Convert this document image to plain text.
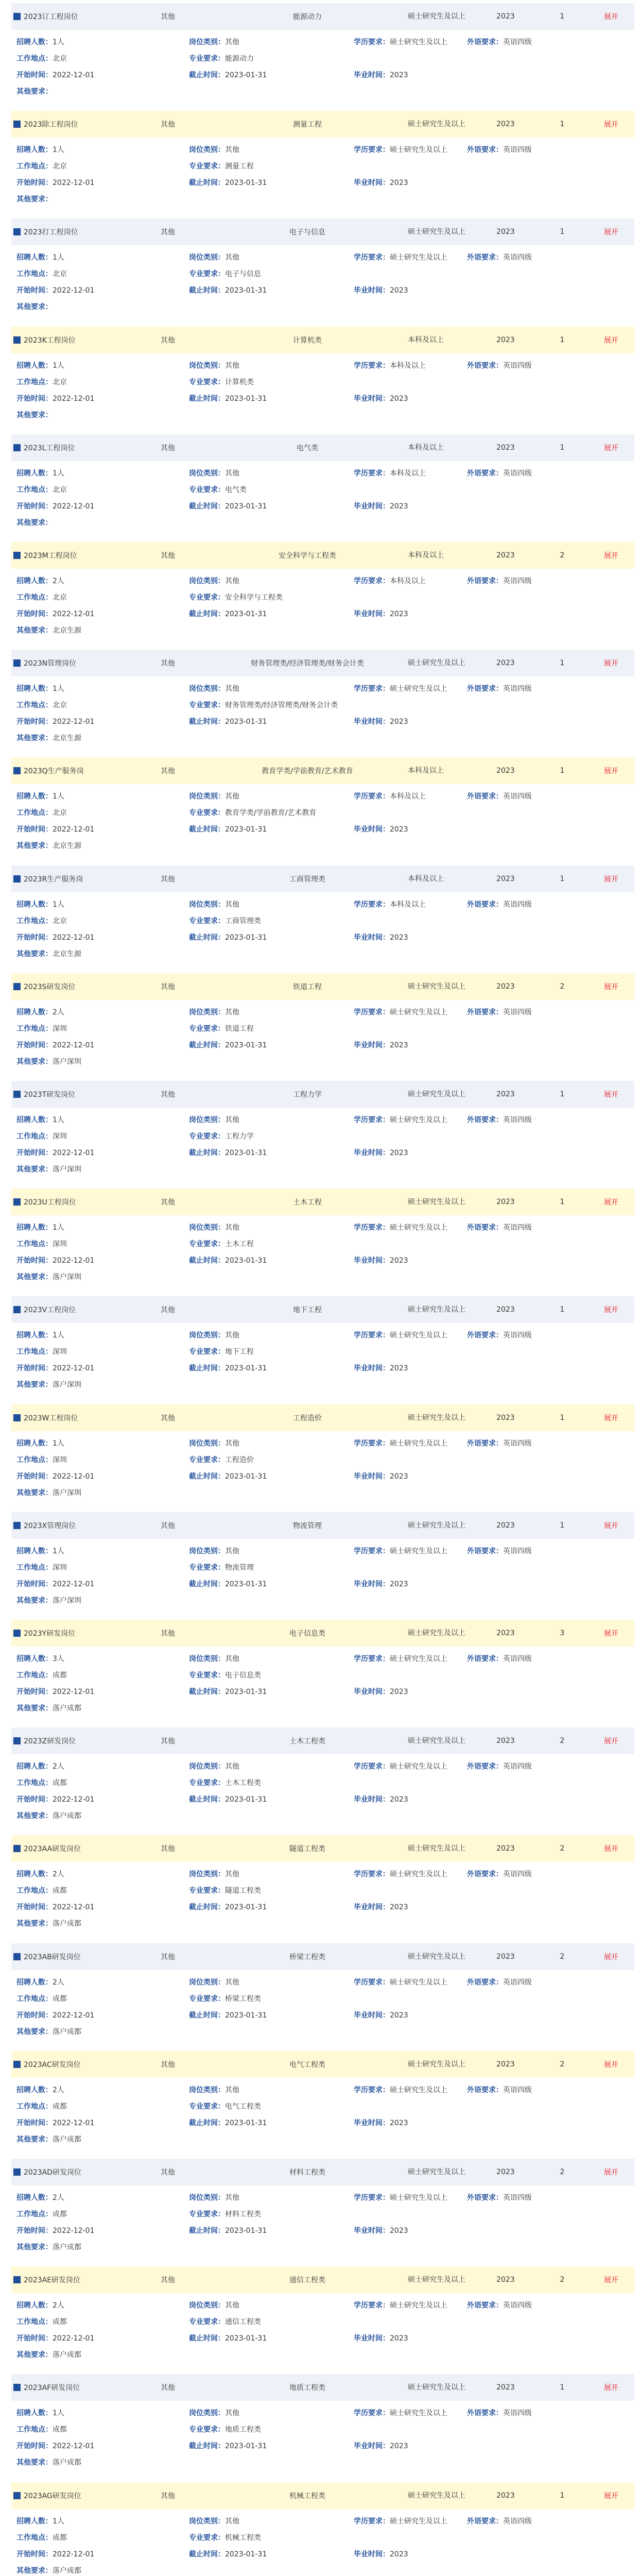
2023订工程岗位	其他	能源动力	硕士研究生及以上	2023	1	展开
招聘人数：1人	岗位类别：其他	学历要求：硕士研究生及以上	外语要求：英语四级
工作地点：北京	专业要求：能源动力
开始时间：2022-12-01	截止时间：2023-01-31	毕业时间：2023
其他要求：
2023除工程岗位	其他	测量工程	硕士研究生及以上	2023	1	展开
招聘人数：1人	岗位类别：其他	学历要求：硕士研究生及以上	外语要求：英语四级
工作地点：北京	专业要求：测量工程
开始时间：2022-12-01	截止时间：2023-01-31	毕业时间：2023
其他要求：
2023打工程岗位	其他	电子与信息	硕士研究生及以上	2023	1	展开
招聘人数：1人	岗位类别：其他	学历要求：硕士研究生及以上	外语要求：英语四级
工作地点：北京	专业要求：电子与信息
开始时间：2022-12-01	截止时间：2023-01-31	毕业时间：2023
其他要求：
2023K工程岗位	其他	计算机类	本科及以上	2023	1	展开
招聘人数：1人	岗位类别：其他	学历要求：本科及以上	外语要求：英语四级
工作地点：北京	专业要求：计算机类
开始时间：2022-12-01	截止时间：2023-01-31	毕业时间：2023
其他要求：
2023L工程岗位	其他	电气类	本科及以上	2023	1	展开
招聘人数：1人	岗位类别：其他	学历要求：本科及以上	外语要求：英语四级
工作地点：北京	专业要求：电气类
开始时间：2022-12-01	截止时间：2023-01-31	毕业时间：2023
其他要求：
2023M工程岗位	其他	安全科学与工程类	本科及以上	2023	2	展开
招聘人数：2人	岗位类别：其他	学历要求：本科及以上	外语要求：英语四级
工作地点：北京	专业要求：安全科学与工程类
开始时间：2022-12-01	截止时间：2023-01-31	毕业时间：2023
其他要求：北京生源
2023N管理岗位	其他	财务管理类/经济管理类/财务会计类	硕士研究生及以上	2023	1	展开
招聘人数：1人	岗位类别：其他	学历要求：硕士研究生及以上	外语要求：英语四级
工作地点：北京	专业要求：财务管理类/经济管理类/财务会计类
开始时间：2022-12-01	截止时间：2023-01-31	毕业时间：2023
其他要求：北京生源
2023Q生产服务岗	其他	教育学类/学前教育/艺术教育	本科及以上	2023	1	展开
招聘人数：1人	岗位类别：其他	学历要求：本科及以上	外语要求：英语四级
工作地点：北京	专业要求：教育学类/学前教育/艺术教育
开始时间：2022-12-01	截止时间：2023-01-31	毕业时间：2023
其他要求：北京生源
2023R生产服务岗	其他	工商管理类	本科及以上	2023	1	展开
招聘人数：1人	岗位类别：其他	学历要求：本科及以上	外语要求：英语四级
工作地点：北京	专业要求：工商管理类
开始时间：2022-12-01	截止时间：2023-01-31	毕业时间：2023
其他要求：北京生源
2023S研发岗位	其他	铁道工程	硕士研究生及以上	2023	2	展开
招聘人数：2人	岗位类别：其他	学历要求：硕士研究生及以上	外语要求：英语四级
工作地点：深圳	专业要求：铁道工程
开始时间：2022-12-01	截止时间：2023-01-31	毕业时间：2023
其他要求：落户深圳
2023T研发岗位	其他	工程力学	硕士研究生及以上	2023	1	展开
招聘人数：1人	岗位类别：其他	学历要求：硕士研究生及以上	外语要求：英语四级
工作地点：深圳	专业要求：工程力学
开始时间：2022-12-01	截止时间：2023-01-31	毕业时间：2023
其他要求：落户深圳
2023U工程岗位	其他	土木工程	硕士研究生及以上	2023	1	展开
招聘人数：1人	岗位类别：其他	学历要求：硕士研究生及以上	外语要求：英语四级
工作地点：深圳	专业要求：土木工程
开始时间：2022-12-01	截止时间：2023-01-31	毕业时间：2023
其他要求：落户深圳
2023V工程岗位	其他	地下工程	硕士研究生及以上	2023	1	展开
招聘人数：1人	岗位类别：其他	学历要求：硕士研究生及以上	外语要求：英语四级
工作地点：深圳	专业要求：地下工程
开始时间：2022-12-01	截止时间：2023-01-31	毕业时间：2023
其他要求：落户深圳
2023W工程岗位	其他	工程造价	硕士研究生及以上	2023	1	展开
招聘人数：1人	岗位类别：其他	学历要求：硕士研究生及以上	外语要求：英语四级
工作地点：深圳	专业要求：工程造价
开始时间：2022-12-01	截止时间：2023-01-31	毕业时间：2023
其他要求：落户深圳
2023X管理岗位	其他	物流管理	硕士研究生及以上	2023	1	展开
招聘人数：1人	岗位类别：其他	学历要求：硕士研究生及以上	外语要求：英语四级
工作地点：深圳	专业要求：物流管理
开始时间：2022-12-01	截止时间：2023-01-31	毕业时间：2023
其他要求：落户深圳
2023Y研发岗位	其他	电子信息类	硕士研究生及以上	2023	3	展开
招聘人数：3人	岗位类别：其他	学历要求：硕士研究生及以上	外语要求：英语四级
工作地点：成都	专业要求：电子信息类
开始时间：2022-12-01	截止时间：2023-01-31	毕业时间：2023
其他要求：落户成都
2023Z研发岗位	其他	土木工程类	硕士研究生及以上	2023	2	展开
招聘人数：2人	岗位类别：其他	学历要求：硕士研究生及以上	外语要求：英语四级
工作地点：成都	专业要求：土木工程类
开始时间：2022-12-01	截止时间：2023-01-31	毕业时间：2023
其他要求：落户成都
2023AA研发岗位	其他	隧道工程类	硕士研究生及以上	2023	2	展开
招聘人数：2人	岗位类别：其他	学历要求：硕士研究生及以上	外语要求：英语四级
工作地点：成都	专业要求：隧道工程类
开始时间：2022-12-01	截止时间：2023-01-31	毕业时间：2023
其他要求：落户成都
2023AB研发岗位	其他	桥梁工程类	硕士研究生及以上	2023	2	展开
招聘人数：2人	岗位类别：其他	学历要求：硕士研究生及以上	外语要求：英语四级
工作地点：成都	专业要求：桥梁工程类
开始时间：2022-12-01	截止时间：2023-01-31	毕业时间：2023
其他要求：落户成都
2023AC研发岗位	其他	电气工程类	硕士研究生及以上	2023	2	展开
招聘人数：2人	岗位类别：其他	学历要求：硕士研究生及以上	外语要求：英语四级
工作地点：成都	专业要求：电气工程类
开始时间：2022-12-01	截止时间：2023-01-31	毕业时间：2023
其他要求：落户成都
2023AD研发岗位	其他	材料工程类	硕士研究生及以上	2023	2	展开
招聘人数：2人	岗位类别：其他	学历要求：硕士研究生及以上	外语要求：英语四级
工作地点：成都	专业要求：材料工程类
开始时间：2022-12-01	截止时间：2023-01-31	毕业时间：2023
其他要求：落户成都
2023AE研发岗位	其他	通信工程类	硕士研究生及以上	2023	2	展开
招聘人数：2人	岗位类别：其他	学历要求：硕士研究生及以上	外语要求：英语四级
工作地点：成都	专业要求：通信工程类
开始时间：2022-12-01	截止时间：2023-01-31	毕业时间：2023
其他要求：落户成都
2023AF研发岗位	其他	地质工程类	硕士研究生及以上	2023	1	展开
招聘人数：1人	岗位类别：其他	学历要求：硕士研究生及以上	外语要求：英语四级
工作地点：成都	专业要求：地质工程类
开始时间：2022-12-01	截止时间：2023-01-31	毕业时间：2023
其他要求：落户成都
2023AG研发岗位	其他	机械工程类	硕士研究生及以上	2023	1	展开
招聘人数：1人	岗位类别：其他	学历要求：硕士研究生及以上	外语要求：英语四级
工作地点：成都	专业要求：机械工程类
开始时间：2022-12-01	截止时间：2023-01-31	毕业时间：2023
其他要求：落户成都
